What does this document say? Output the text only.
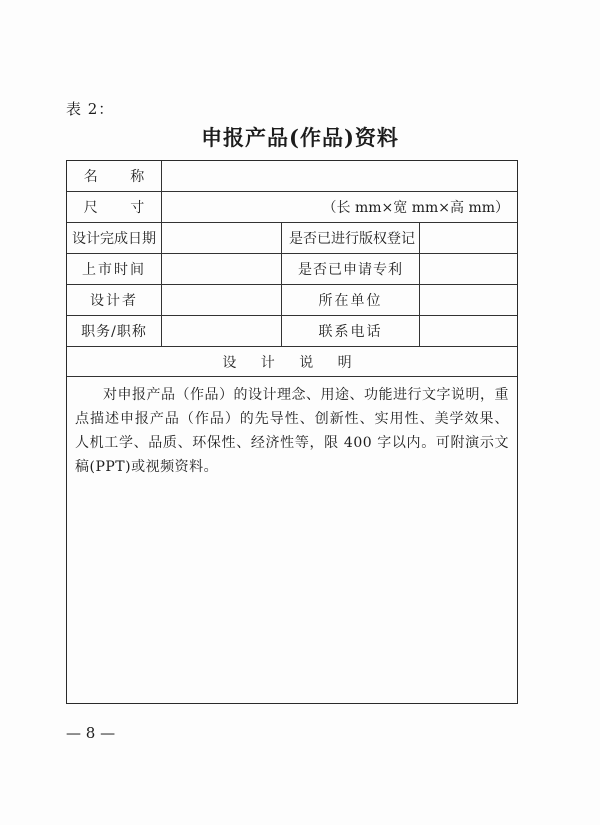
表 2：
申报产品(作品)资料
名 称
尺 寸	（长 mm×宽 mm×高 mm）
设计完成日期	是否已进行版权登记
上市时间	是否已申请专利
设计者	所在单位
职务/职称	联系电话
设 计 说 明
对申报产品（作品）的设计理念、用途、功能进行文字说明，重点描述申报产品（作品）的先导性、创新性、实用性、美学效果、人机工学、品质、环保性、经济性等，限 400 字以内。可附演示文稿(PPT)或视频资料。
— 8 —
